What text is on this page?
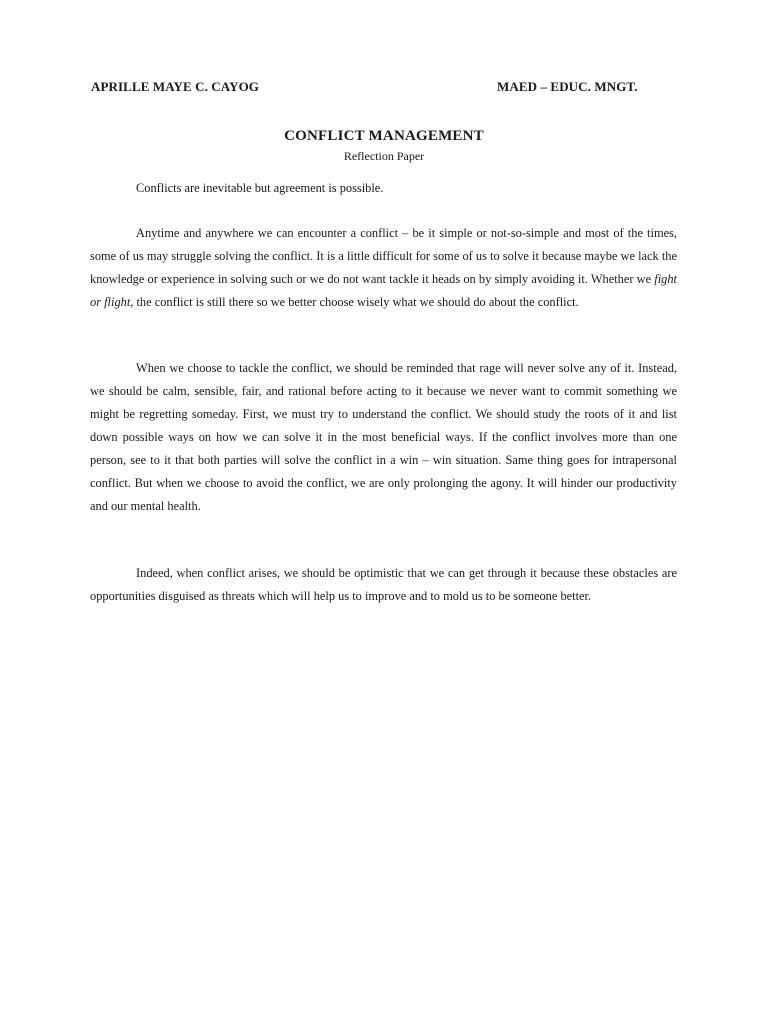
APRILLE MAYE C. CAYOG	MAED – EDUC. MNGT.
CONFLICT MANAGEMENT
Reflection Paper

Conflicts are inevitable but agreement is possible.

Anytime and anywhere we can encounter a conflict – be it simple or not-so-simple and most of the times, some of us may struggle solving the conflict. It is a little difficult for some of us to solve it because maybe we lack the knowledge or experience in solving such or we do not want tackle it heads on by simply avoiding it. Whether we fight or flight, the conflict is still there so we better choose wisely what we should do about the conflict.

When we choose to tackle the conflict, we should be reminded that rage will never solve any of it. Instead, we should be calm, sensible, fair, and rational before acting to it because we never want to commit something we might be regretting someday. First, we must try to understand the conflict. We should study the roots of it and list down possible ways on how we can solve it in the most beneficial ways. If the conflict involves more than one person, see to it that both parties will solve the conflict in a win – win situation. Same thing goes for intrapersonal conflict. But when we choose to avoid the conflict, we are only prolonging the agony. It will hinder our productivity and our mental health.

Indeed, when conflict arises, we should be optimistic that we can get through it because these obstacles are opportunities disguised as threats which will help us to improve and to mold us to be someone better.
